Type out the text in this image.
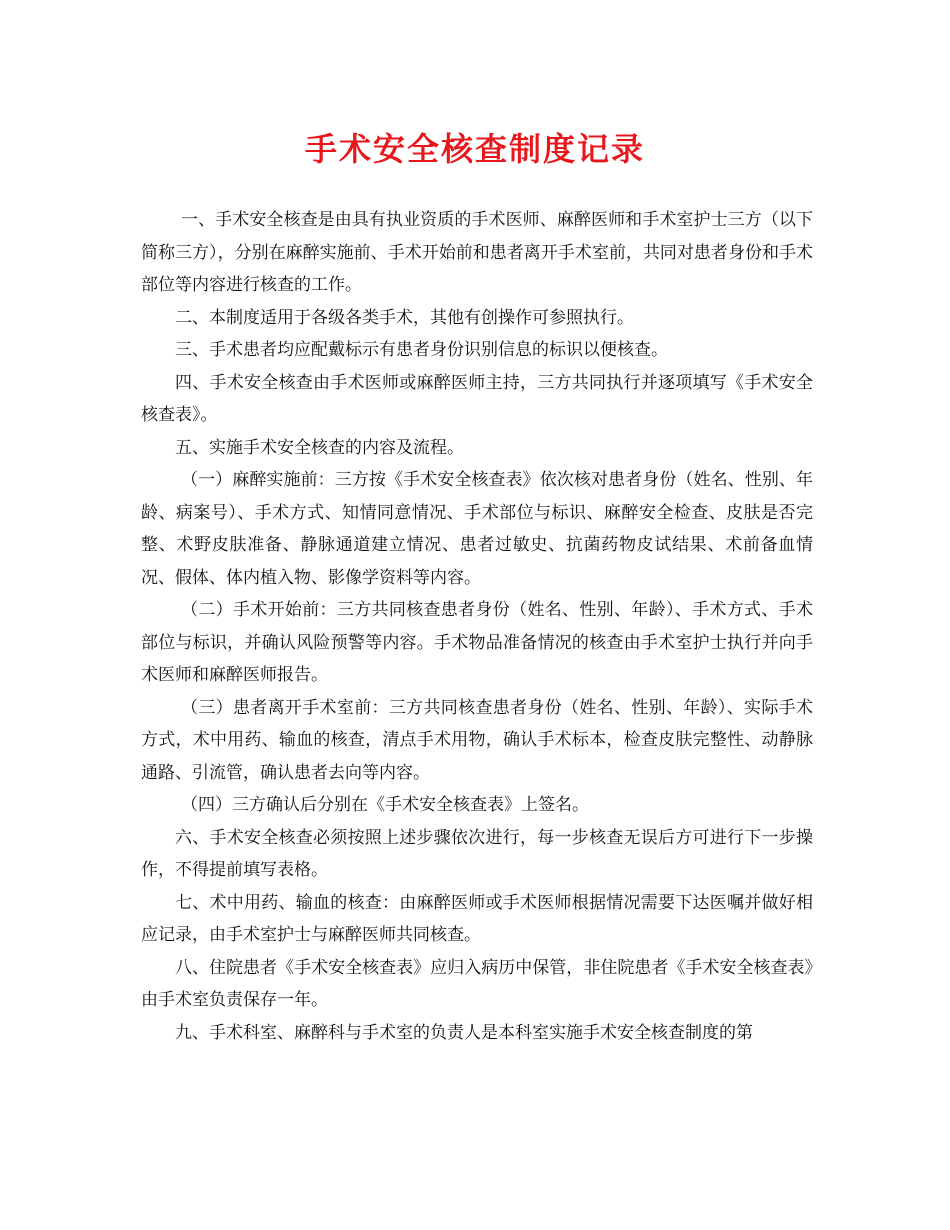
手术安全核查制度记录

一、手术安全核查是由具有执业资质的手术医师、麻醉医师和手术室护士三方（以下简称三方），分别在麻醉实施前、手术开始前和患者离开手术室前，共同对患者身份和手术部位等内容进行核查的工作。

二、本制度适用于各级各类手术，其他有创操作可参照执行。

三、手术患者均应配戴标示有患者身份识别信息的标识以便核查。

四、手术安全核查由手术医师或麻醉医师主持，三方共同执行并逐项填写《手术安全核查表》。

五、实施手术安全核查的内容及流程。

（一）麻醉实施前：三方按《手术安全核查表》依次核对患者身份（姓名、性别、年龄、病案号）、手术方式、知情同意情况、手术部位与标识、麻醉安全检查、皮肤是否完整、术野皮肤准备、静脉通道建立情况、患者过敏史、抗菌药物皮试结果、术前备血情况、假体、体内植入物、影像学资料等内容。

（二）手术开始前：三方共同核查患者身份（姓名、性别、年龄）、手术方式、手术部位与标识，并确认风险预警等内容。手术物品准备情况的核查由手术室护士执行并向手术医师和麻醉医师报告。

（三）患者离开手术室前：三方共同核查患者身份（姓名、性别、年龄）、实际手术方式，术中用药、输血的核查，清点手术用物，确认手术标本，检查皮肤完整性、动静脉通路、引流管，确认患者去向等内容。

（四）三方确认后分别在《手术安全核查表》上签名。

六、手术安全核查必须按照上述步骤依次进行，每一步核查无误后方可进行下一步操作，不得提前填写表格。

七、术中用药、输血的核查：由麻醉医师或手术医师根据情况需要下达医嘱并做好相应记录，由手术室护士与麻醉医师共同核查。

八、住院患者《手术安全核查表》应归入病历中保管，非住院患者《手术安全核查表》由手术室负责保存一年。

九、手术科室、麻醉科与手术室的负责人是本科室实施手术安全核查制度的第
